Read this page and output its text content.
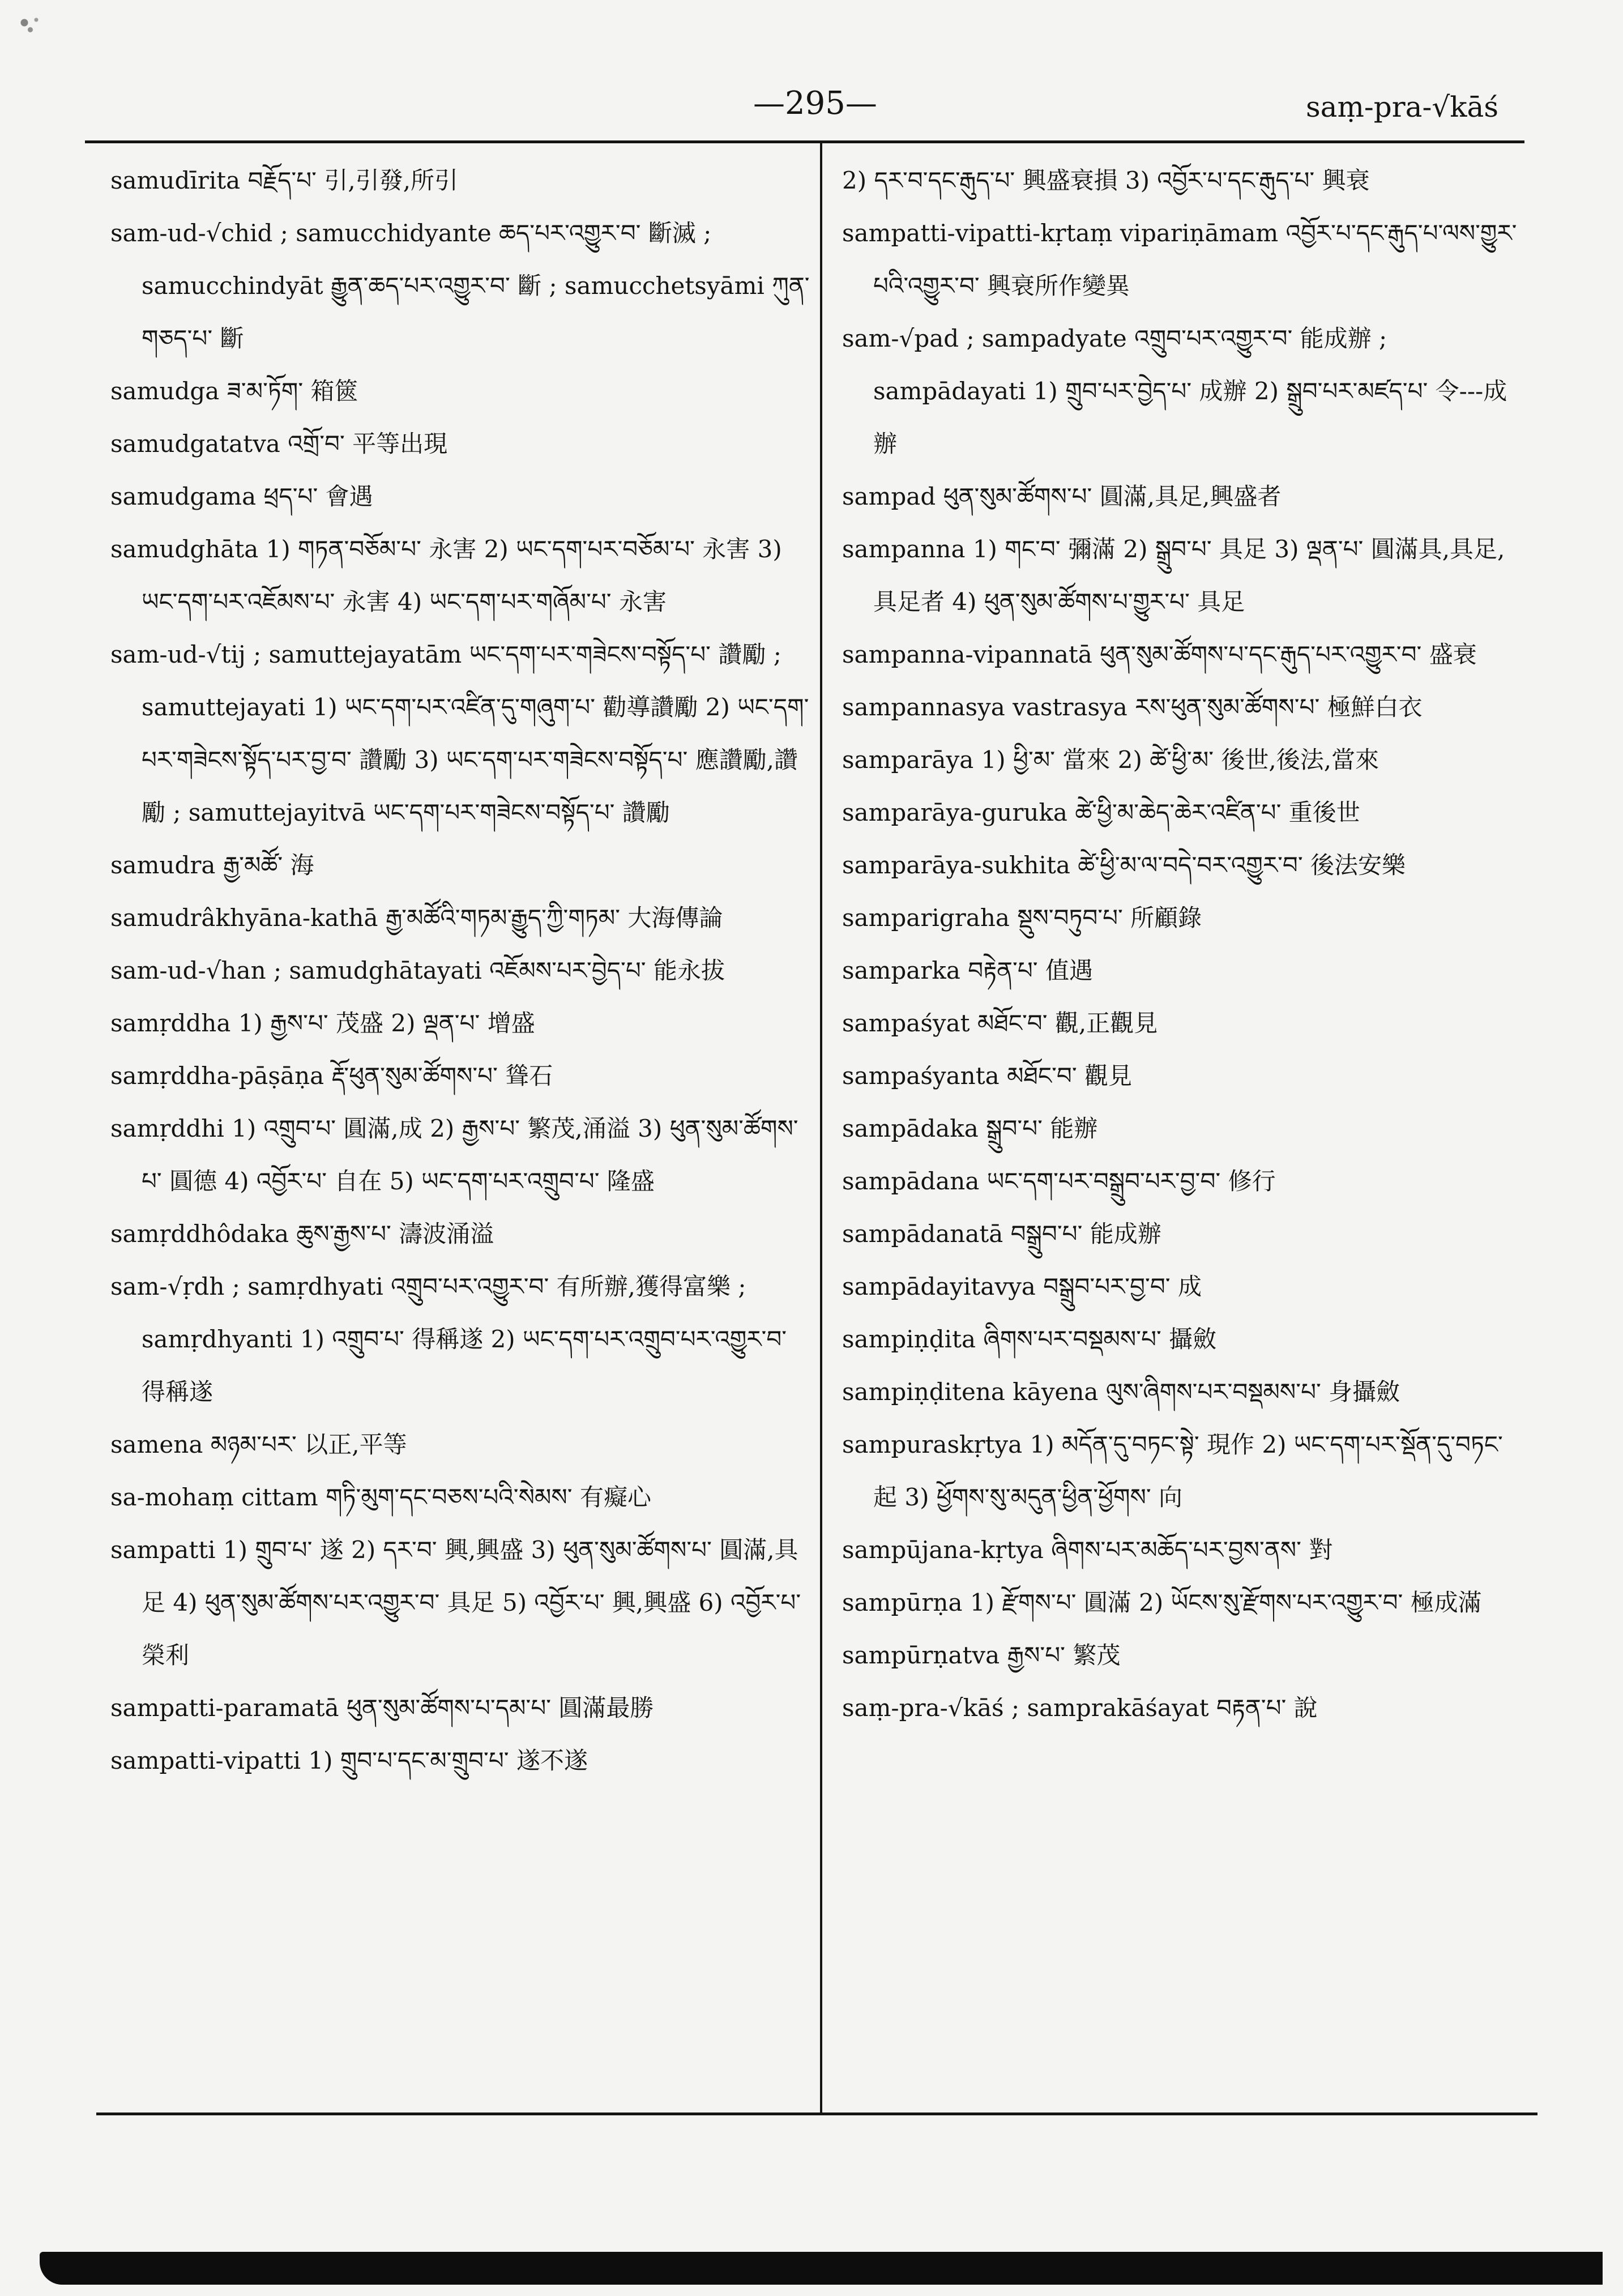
—295—	saṃ-pra-√kāś
samudīrita བརྗོད་པ་ 引,引發,所引
sam-ud-√chid ; samucchidyante ཆད་པར་འགྱུར་བ་ 斷滅 ; samucchindyāt རྒྱུན་ཆད་པར་འགྱུར་བ་ 斷 ; samucchetsyāmi ཀུན་གཅད་པ་ 斷
samudga ཟ་མ་ཏོག་ 箱篋
samudgatatva འགྲོ་བ་ 平等出現
samudgama ཕྲད་པ་ 會遇
samudghāta 1) གཏན་བཅོམ་པ་ 永害 2) ཡང་དག་པར་བཅོམ་པ་ 永害 3) ཡང་དག་པར་འཇོམས་པ་ 永害 4) ཡང་དག་པར་གཞོམ་པ་ 永害
sam-ud-√tij ; samuttejayatām ཡང་དག་པར་གཟེངས་བསྟོད་པ་ 讚勵 ; samuttejayati 1) ཡང་དག་པར་འཛིན་དུ་གཞུག་པ་ 勸導讚勵 2) ཡང་དག་པར་གཟེངས་སྟོད་པར་བྱ་བ་ 讚勵 3) ཡང་དག་པར་གཟེངས་བསྟོད་པ་ 應讚勵,讚勵 ; samuttejayitvā ཡང་དག་པར་གཟེངས་བསྟོད་པ་ 讚勵
samudra རྒྱ་མཚོ་ 海
samudrâkhyāna-kathā རྒྱ་མཚོའི་གཏམ་རྒྱུད་ཀྱི་གཏམ་ 大海傳論
sam-ud-√han ; samudghātayati འཇོམས་པར་བྱེད་པ་ 能永拔
samṛddha 1) རྒྱས་པ་ 茂盛 2) ལྡན་པ་ 增盛
samṛddha-pāṣāṇa རྡོ་ཕུན་སུམ་ཚོགས་པ་ 聳石
samṛddhi 1) འགྲུབ་པ་ 圓滿,成 2) རྒྱས་པ་ 繁茂,涌溢 3) ཕུན་སུམ་ཚོགས་པ་ 圓德 4) འབྱོར་པ་ 自在 5) ཡང་དག་པར་འགྲུབ་པ་ 隆盛
samṛddhôdaka ཆུས་རྒྱས་པ་ 濤波涌溢
sam-√ṛdh ; samṛdhyati འགྲུབ་པར་འགྱུར་བ་ 有所辦,獲得富樂 ; samṛdhyanti 1) འགྲུབ་པ་ 得稱遂 2) ཡང་དག་པར་འགྲུབ་པར་འགྱུར་བ་ 得稱遂
samena མཉམ་པར་ 以正,平等
sa-mohaṃ cittam གཏི་མུག་དང་བཅས་པའི་སེམས་ 有癡心
sampatti 1) གྲུབ་པ་ 遂 2) དར་བ་ 興,興盛 3) ཕུན་སུམ་ཚོགས་པ་ 圓滿,具足 4) ཕུན་སུམ་ཚོགས་པར་འགྱུར་བ་ 具足 5) འབྱོར་པ་ 興,興盛 6) འབྱོར་པ་ 榮利
sampatti-paramatā ཕུན་སུམ་ཚོགས་པ་དམ་པ་ 圓滿最勝
sampatti-vipatti 1) གྲུབ་པ་དང་མ་གྲུབ་པ་ 遂不遂
2) དར་བ་དང་རྒུད་པ་ 興盛衰損 3) འབྱོར་པ་དང་རྒུད་པ་ 興衰
sampatti-vipatti-kṛtaṃ vipariṇāmam འབྱོར་པ་དང་རྒུད་པ་ལས་གྱུར་པའི་འགྱུར་བ་ 興衰所作變異
sam-√pad ; sampadyate འགྲུབ་པར་འགྱུར་བ་ 能成辦 ; sampādayati 1) གྲུབ་པར་བྱེད་པ་ 成辦 2) སྒྲུབ་པར་མཛད་པ་ 令---成辦
sampad ཕུན་སུམ་ཚོགས་པ་ 圓滿,具足,興盛者
sampanna 1) གང་བ་ 彌滿 2) སྒྲུབ་པ་ 具足 3) ལྡན་པ་ 圓滿具,具足,具足者 4) ཕུན་སུམ་ཚོགས་པ་གྱུར་པ་ 具足
sampanna-vipannatā ཕུན་སུམ་ཚོགས་པ་དང་རྒུད་པར་འགྱུར་བ་ 盛衰
sampannasya vastrasya རས་ཕུན་སུམ་ཚོགས་པ་ 極鮮白衣
samparāya 1) ཕྱི་མ་ 當來 2) ཚེ་ཕྱི་མ་ 後世,後法,當來
samparāya-guruka ཚེ་ཕྱི་མ་ཆེད་ཆེར་འཛིན་པ་ 重後世
samparāya-sukhita ཚེ་ཕྱི་མ་ལ་བདེ་བར་འགྱུར་བ་ 後法安樂
samparigraha སྡུས་བཏུབ་པ་ 所顧錄
samparka བརྟེན་པ་ 值遇
sampaśyat མཐོང་བ་ 觀,正觀見
sampaśyanta མཐོང་བ་ 觀見
sampādaka སྒྲུབ་པ་ 能辦
sampādana ཡང་དག་པར་བསྒྲུབ་པར་བྱ་བ་ 修行
sampādanatā བསྒྲུབ་པ་ 能成辦
sampādayitavya བསྒྲུབ་པར་བྱ་བ་ 成
sampiṇḍita ཞིགས་པར་བསྡམས་པ་ 攝斂
sampiṇḍitena kāyena ལུས་ཞིགས་པར་བསྡམས་པ་ 身攝斂
sampuraskṛtya 1) མདོན་དུ་བཏང་སྟེ་ 現作 2) ཡང་དག་པར་སྡོན་དུ་བཏང་ 起 3) ཕྱོགས་སུ་མདུན་ཕྱིན་ཕྱོགས་ 向
sampūjana-kṛtya ཞིགས་པར་མཆོད་པར་བྱས་ནས་ 對
sampūrṇa 1) རྫོགས་པ་ 圓滿 2) ཡོངས་སུ་རྫོགས་པར་འགྱུར་བ་ 極成滿
sampūrṇatva རྒྱས་པ་ 繁茂
saṃ-pra-√kāś ; samprakāśayat བརྟན་པ་ 說
